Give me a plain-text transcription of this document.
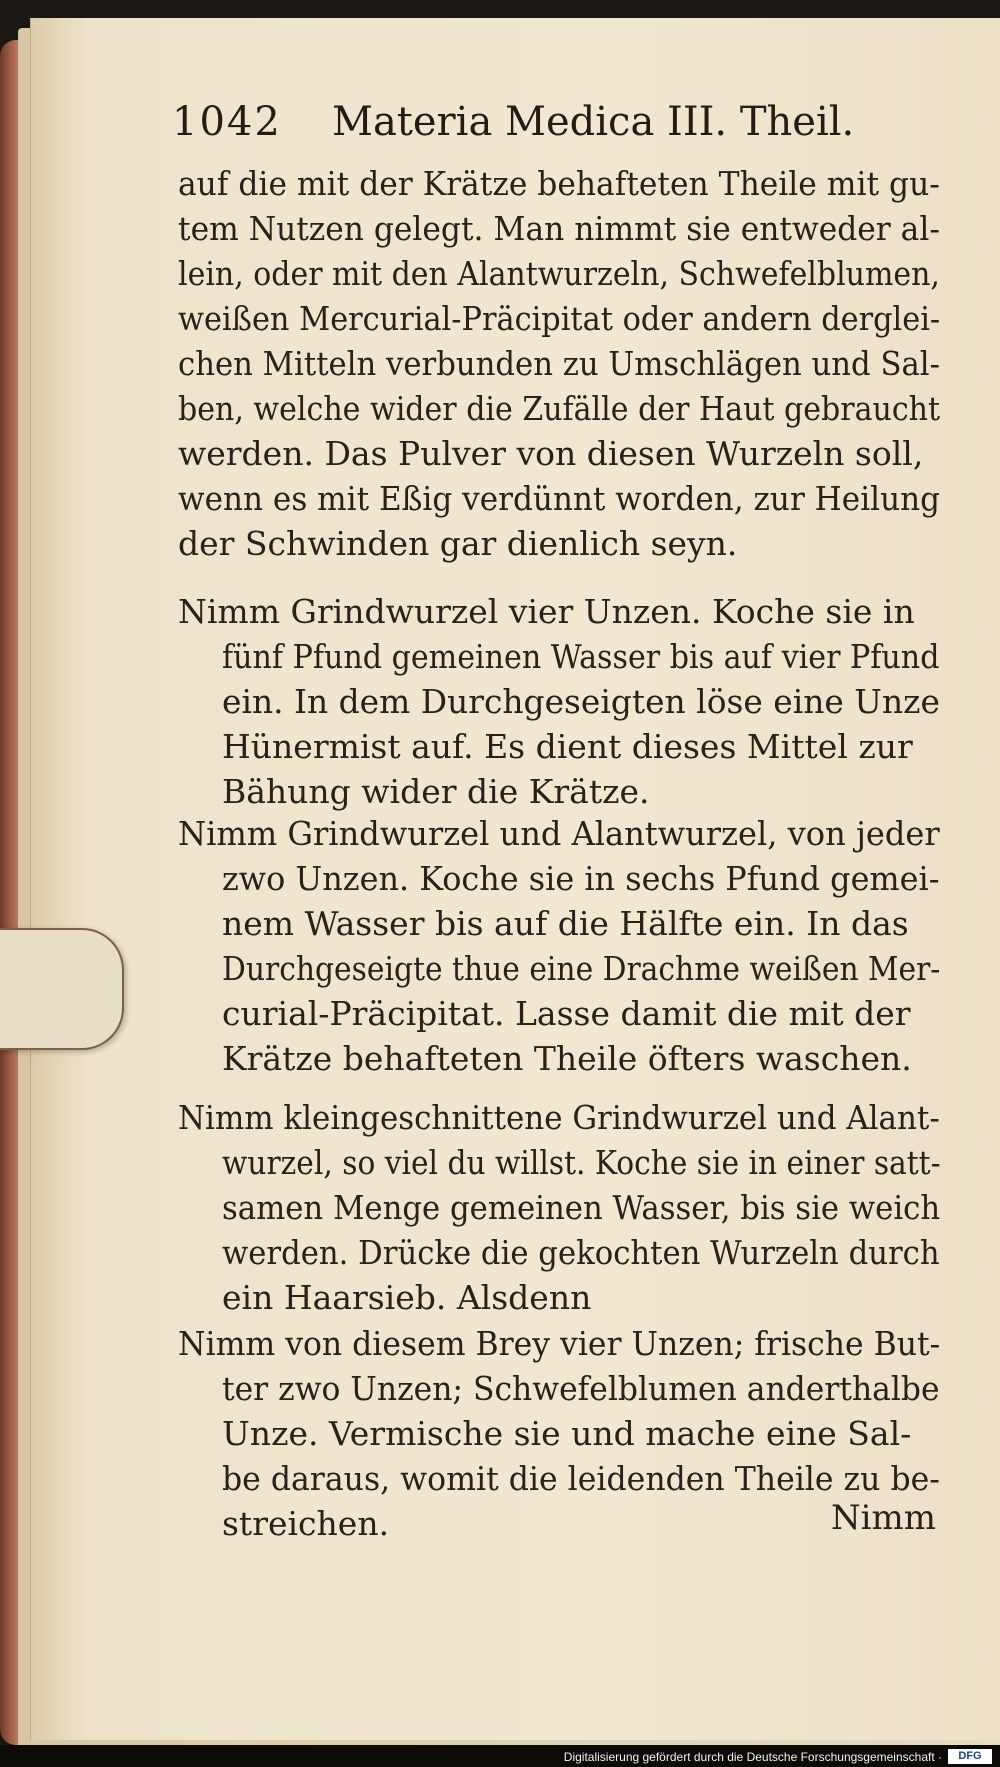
1042 Materia Medica III. Theil.
auf die mit der Krätze behafteten Theile mit gu-
tem Nutzen gelegt. Man nimmt sie entweder al-
lein, oder mit den Alantwurzeln, Schwefelblumen,
weißen Mercurial-Präcipitat oder andern derglei-
chen Mitteln verbunden zu Umschlägen und Sal-
ben, welche wider die Zufälle der Haut gebraucht
werden. Das Pulver von diesen Wurzeln soll,
wenn es mit Eßig verdünnt worden, zur Heilung
der Schwinden gar dienlich seyn.
Nimm Grindwurzel vier Unzen. Koche sie in
fünf Pfund gemeinen Wasser bis auf vier Pfund
ein. In dem Durchgeseigten löse eine Unze
Hünermist auf. Es dient dieses Mittel zur
Bähung wider die Krätze.
Nimm Grindwurzel und Alantwurzel, von jeder
zwo Unzen. Koche sie in sechs Pfund gemei-
nem Wasser bis auf die Hälfte ein. In das
Durchgeseigte thue eine Drachme weißen Mer-
curial-Präcipitat. Lasse damit die mit der
Krätze behafteten Theile öfters waschen.
Nimm kleingeschnittene Grindwurzel und Alant-
wurzel, so viel du willst. Koche sie in einer satt-
samen Menge gemeinen Wasser, bis sie weich
werden. Drücke die gekochten Wurzeln durch
ein Haarsieb. Alsdenn
Nimm von diesem Brey vier Unzen; frische But-
ter zwo Unzen; Schwefelblumen anderthalbe
Unze. Vermische sie und mache eine Sal-
be daraus, womit die leidenden Theile zu be-
streichen.	Nimm
Digitalisierung gefördert durch die Deutsche Forschungsgemeinschaft ·	DFG
